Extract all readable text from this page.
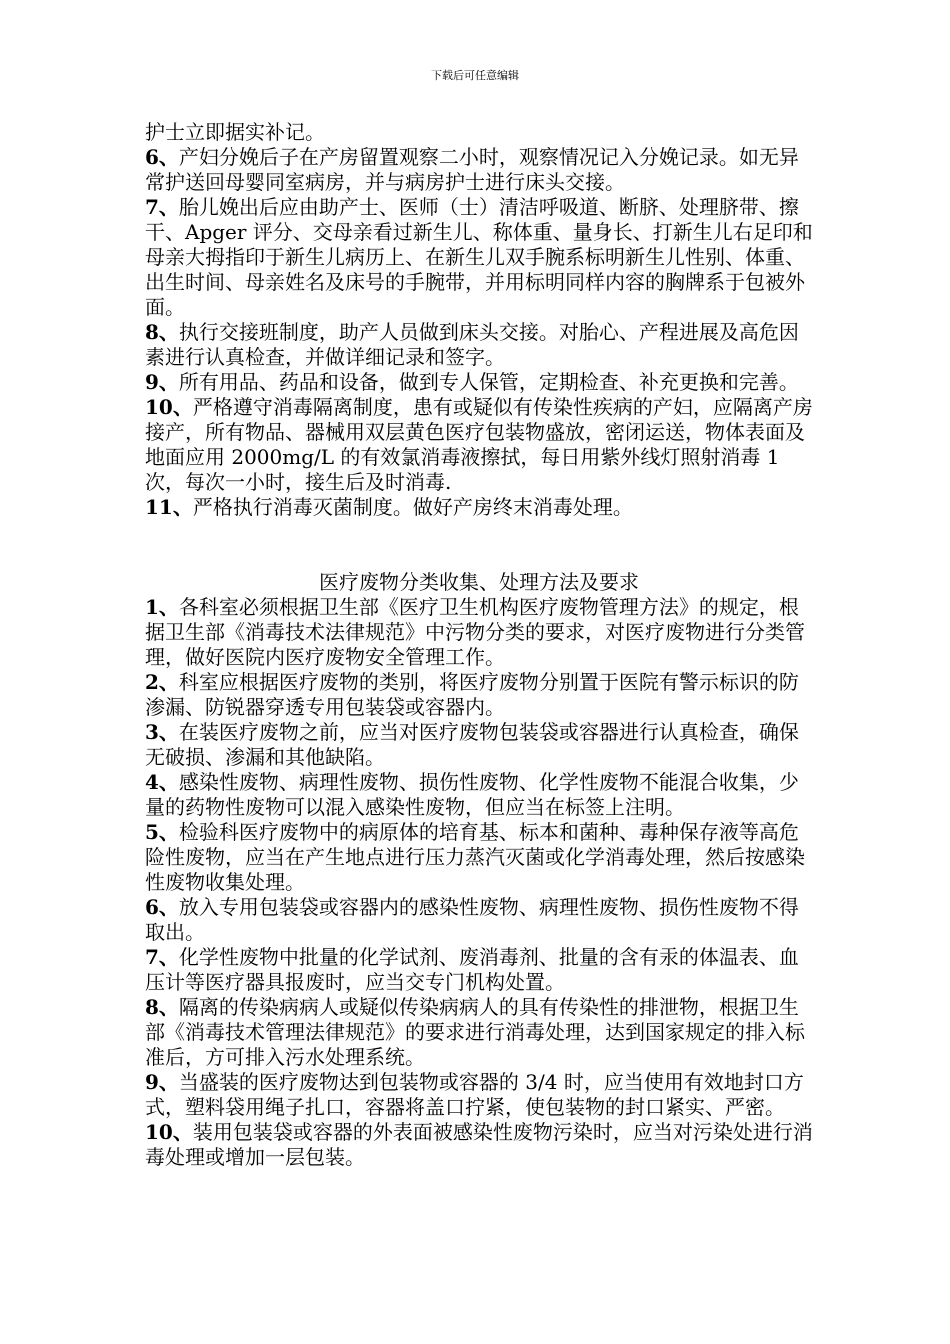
下载后可任意编辑

护士立即据实补记。

6、产妇分娩后子在产房留置观察二小时，观察情况记入分娩记录。如无异常护送回母婴同室病房，并与病房护士进行床头交接。

7、胎儿娩出后应由助产士、医师（士）清洁呼吸道、断脐、处理脐带、擦干、Apger 评分、交母亲看过新生儿、称体重、量身长、打新生儿右足印和母亲大拇指印于新生儿病历上、在新生儿双手腕系标明新生儿性别、体重、出生时间、母亲姓名及床号的手腕带，并用标明同样内容的胸牌系于包被外面。

8、执行交接班制度，助产人员做到床头交接。对胎心、产程进展及高危因素进行认真检查，并做详细记录和签字。

9、所有用品、药品和设备，做到专人保管，定期检查、补充更换和完善。

10、严格遵守消毒隔离制度，患有或疑似有传染性疾病的产妇，应隔离产房接产，所有物品、器械用双层黄色医疗包装物盛放，密闭运送，物体表面及地面应用 2000mg/L 的有效氯消毒液擦拭，每日用紫外线灯照射消毒 1 次，每次一小时，接生后及时消毒.

11、严格执行消毒灭菌制度。做好产房终末消毒处理。

医疗废物分类收集、处理方法及要求

1、各科室必须根据卫生部《医疗卫生机构医疗废物管理方法》的规定，根据卫生部《消毒技术法律规范》中污物分类的要求，对医疗废物进行分类管理，做好医院内医疗废物安全管理工作。

2、科室应根据医疗废物的类别，将医疗废物分别置于医院有警示标识的防渗漏、防锐器穿透专用包装袋或容器内。

3、在装医疗废物之前，应当对医疗废物包装袋或容器进行认真检查，确保无破损、渗漏和其他缺陷。

4、感染性废物、病理性废物、损伤性废物、化学性废物不能混合收集，少量的药物性废物可以混入感染性废物，但应当在标签上注明。

5、检验科医疗废物中的病原体的培育基、标本和菌种、毒种保存液等高危险性废物，应当在产生地点进行压力蒸汽灭菌或化学消毒处理，然后按感染性废物收集处理。

6、放入专用包装袋或容器内的感染性废物、病理性废物、损伤性废物不得取出。

7、化学性废物中批量的化学试剂、废消毒剂、批量的含有汞的体温表、血压计等医疗器具报废时，应当交专门机构处置。

8、隔离的传染病病人或疑似传染病病人的具有传染性的排泄物，根据卫生部《消毒技术管理法律规范》的要求进行消毒处理，达到国家规定的排入标准后，方可排入污水处理系统。

9、当盛装的医疗废物达到包装物或容器的 3/4 时，应当使用有效地封口方式，塑料袋用绳子扎口，容器将盖口拧紧，使包装物的封口紧实、严密。

10、装用包装袋或容器的外表面被感染性废物污染时，应当对污染处进行消毒处理或增加一层包装。
